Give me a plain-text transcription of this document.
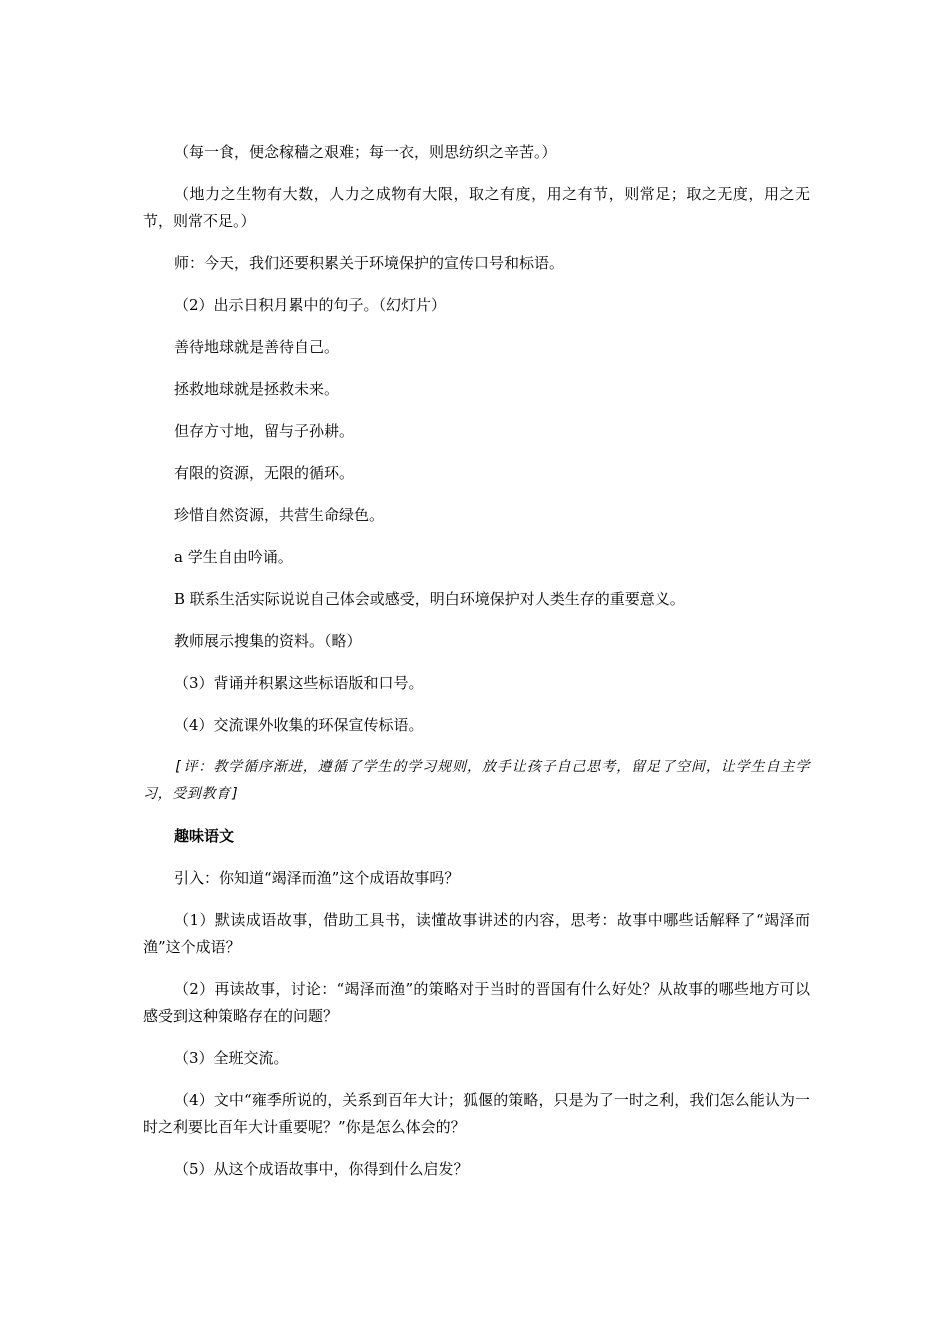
（每一食，便念稼穑之艰难；每一衣，则思纺织之辛苦。）

（地力之生物有大数，人力之成物有大限，取之有度，用之有节，则常足；取之无度，用之无节，则常不足。）

师：今天，我们还要积累关于环境保护的宣传口号和标语。

（2）出示日积月累中的句子。（幻灯片）

善待地球就是善待自己。

拯救地球就是拯救未来。

但存方寸地，留与子孙耕。

有限的资源，无限的循环。

珍惜自然资源，共营生命绿色。

a 学生自由吟诵。

B 联系生活实际说说自己体会或感受，明白环境保护对人类生存的重要意义。

教师展示搜集的资料。（略）

（3）背诵并积累这些标语版和口号。

（4）交流课外收集的环保宣传标语。

[评：教学循序渐进，遵循了学生的学习规则，放手让孩子自己思考，留足了空间，让学生自主学习，受到教育]

趣味语文

引入：你知道“竭泽而渔”这个成语故事吗？

（1）默读成语故事，借助工具书，读懂故事讲述的内容，思考：故事中哪些话解释了“竭泽而渔”这个成语？

（2）再读故事，讨论：“竭泽而渔”的策略对于当时的晋国有什么好处？从故事的哪些地方可以感受到这种策略存在的问题？

（3）全班交流。

（4）文中“雍季所说的，关系到百年大计；狐偃的策略，只是为了一时之利，我们怎么能认为一时之利要比百年大计重要呢？”你是怎么体会的？

（5）从这个成语故事中，你得到什么启发？
